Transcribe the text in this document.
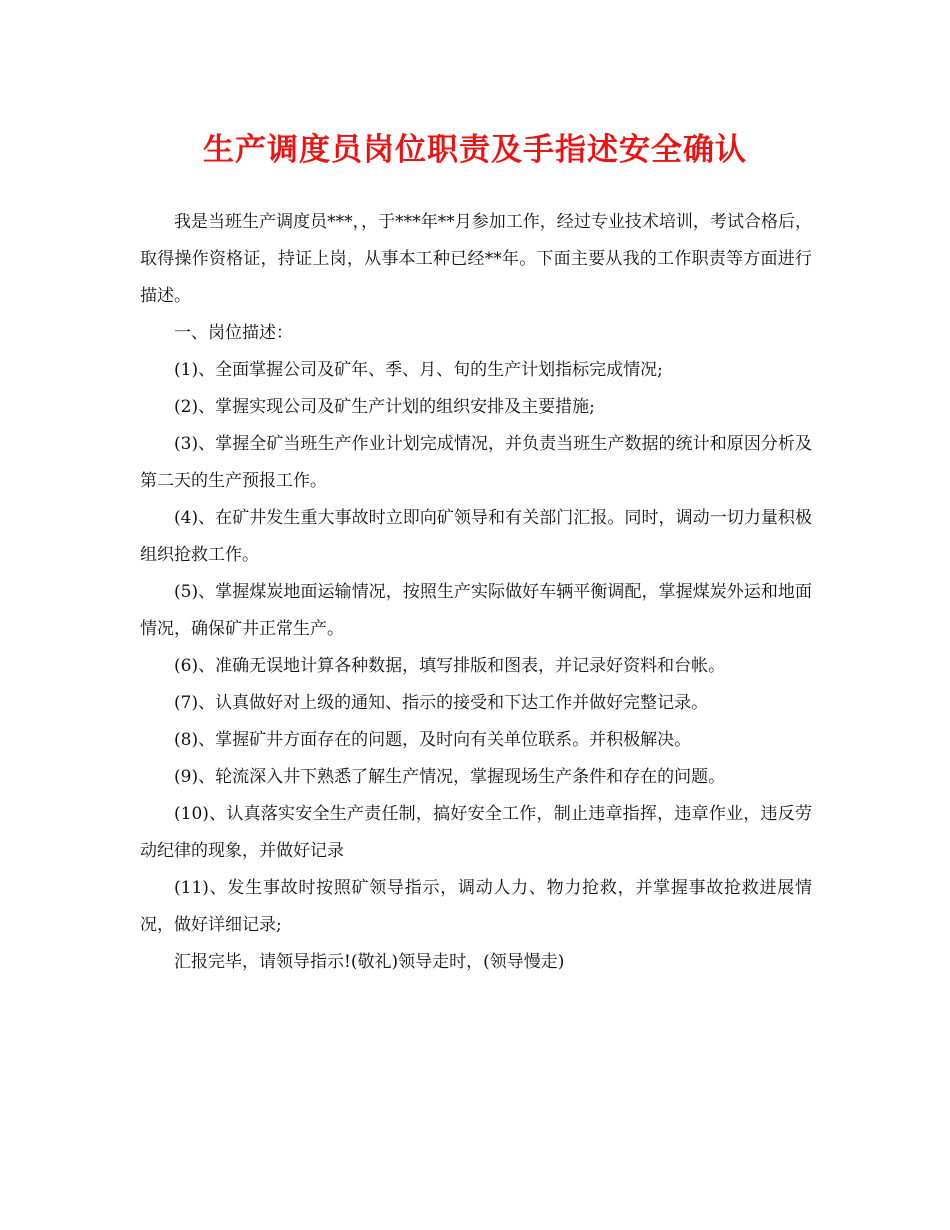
生产调度员岗位职责及手指述安全确认

我是当班生产调度员***，，于***年**月参加工作，经过专业技术培训，考试合格后，取得操作资格证，持证上岗，从事本工种已经**年。下面主要从我的工作职责等方面进行描述。

一、岗位描述：

(1)、全面掌握公司及矿年、季、月、旬的生产计划指标完成情况;

(2)、掌握实现公司及矿生产计划的组织安排及主要措施;

(3)、掌握全矿当班生产作业计划完成情况，并负责当班生产数据的统计和原因分析及第二天的生产预报工作。

(4)、在矿井发生重大事故时立即向矿领导和有关部门汇报。同时，调动一切力量积极组织抢救工作。

(5)、掌握煤炭地面运输情况，按照生产实际做好车辆平衡调配，掌握煤炭外运和地面情况，确保矿井正常生产。

(6)、准确无误地计算各种数据，填写排版和图表，并记录好资料和台帐。

(7)、认真做好对上级的通知、指示的接受和下达工作并做好完整记录。

(8)、掌握矿井方面存在的问题，及时向有关单位联系。并积极解决。

(9)、轮流深入井下熟悉了解生产情况，掌握现场生产条件和存在的问题。

(10)、认真落实安全生产责任制，搞好安全工作，制止违章指挥，违章作业，违反劳动纪律的现象，并做好记录

(11)、发生事故时按照矿领导指示，调动人力、物力抢救，并掌握事故抢救进展情况，做好详细记录;

汇报完毕，请领导指示!(敬礼)领导走时，(领导慢走)
